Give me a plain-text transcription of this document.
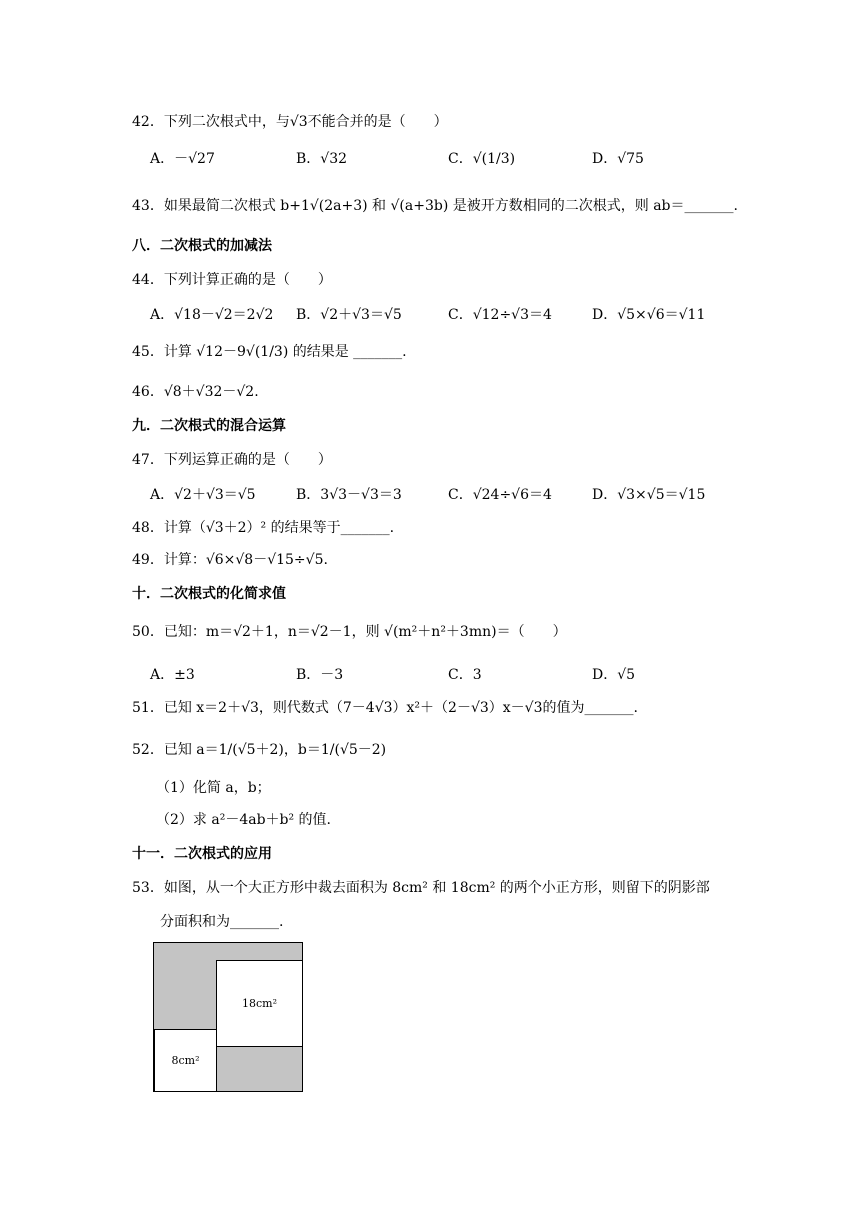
42．下列二次根式中，与√3不能合并的是（　　）
A．－√27	B．√32	C．√(1/3)	D．√75
43．如果最简二次根式 b+1√(2a+3) 和 √(a+3b) 是被开方数相同的二次根式，则 ab＝_______.
八．二次根式的加减法
44．下列计算正确的是（　　）
A．√18－√2＝2√2 B．√2＋√3＝√5	C．√12÷√3＝4	D．√5×√6＝√11
45．计算 √12－9√(1/3) 的结果是 _______.
46．√8＋√32－√2.
九．二次根式的混合运算
47．下列运算正确的是（　　）
A．√2＋√3＝√5	B．3√3－√3＝3	C．√24÷√6＝4	D．√3×√5＝√15
48．计算（√3＋2）² 的结果等于_______.
49．计算：√6×√8－√15÷√5.
十．二次根式的化简求值
50．已知：m＝√2＋1，n＝√2－1，则 √(m²＋n²＋3mn)＝（　　）
A．±3	B．－3	C．3	D．√5
51．已知 x＝2＋√3，则代数式（7－4√3）x²＋（2－√3）x－√3的值为_______.
52．已知 a＝1/(√5＋2)，b＝1/(√5－2)
（1）化简 a，b；
（2）求 a²－4ab＋b² 的值.
十一．二次根式的应用
53．如图，从一个大正方形中裁去面积为 8cm² 和 18cm² 的两个小正方形，则留下的阴影部
分面积和为_______.
18cm²
8cm²
